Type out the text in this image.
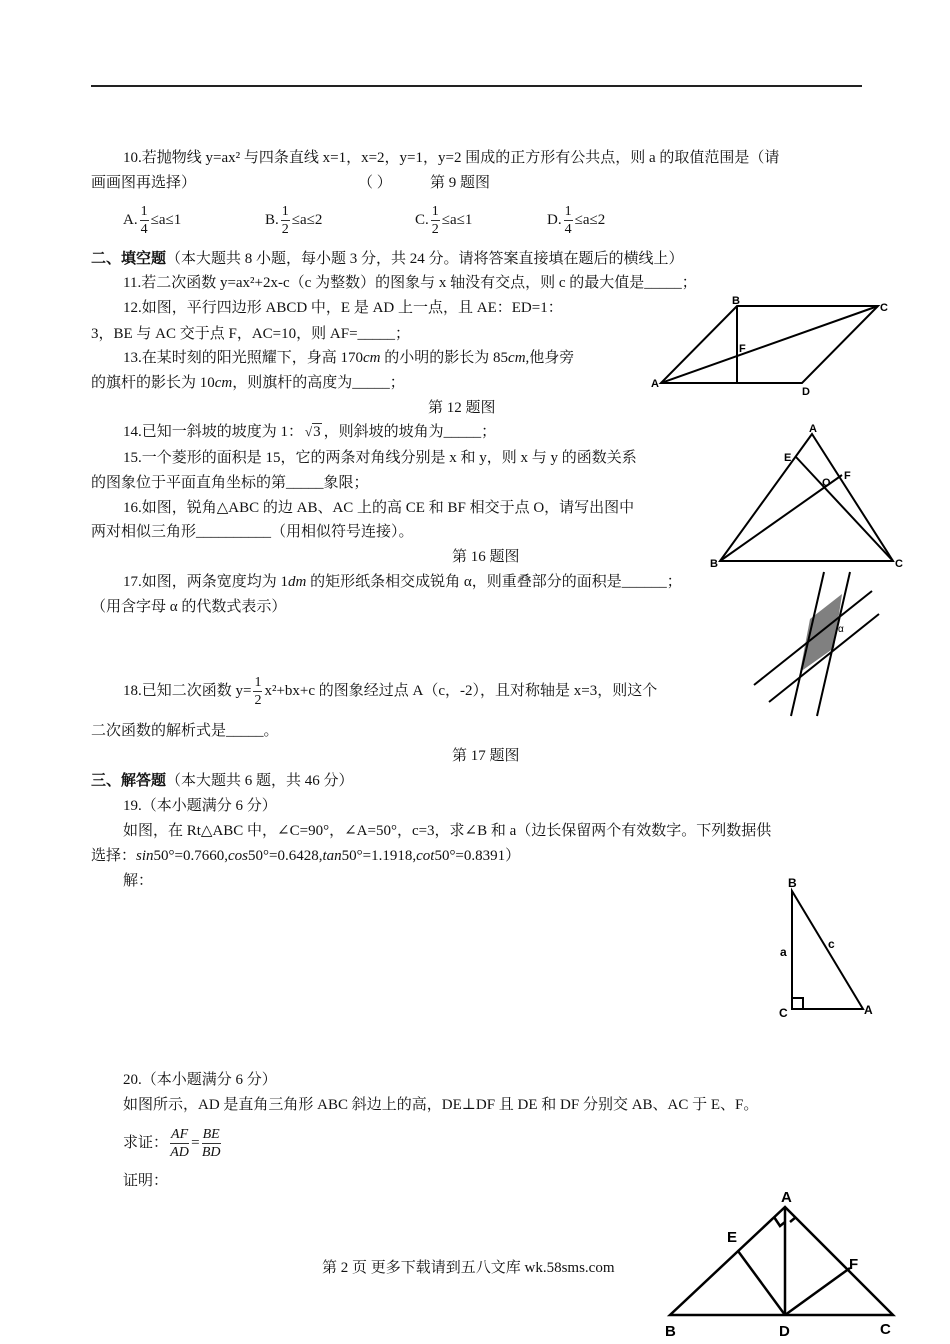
10.若抛物线 y=ax² 与四条直线 x=1，x=2，y=1，y=2 围成的正方形有公共点，则 a 的取值范围是（请
画画图再选择）	（ ）	第 9 题图
A. $\frac{1}{4} \le a\le 1$	B. $\frac{1}{2} \le a\le 2$	C. $\frac{1}{2} \le a\le 1$	D. $\frac{1}{4} \le a\le 2$
二、填空题（本大题共 8 小题，每小题 3 分，共 24 分。请将答案直接填在题后的横线上）
11.若二次函数 y=ax²+2x-c（c 为整数）的图象与 x 轴没有交点，则 c 的最大值是_____；
12.如图，平行四边形 ABCD 中，E 是 AD 上一点，且 AE：ED=1：
3，BE 与 AC 交于点 F，AC=10，则 AF=_____；
13.在某时刻的阳光照耀下，身高 170cm 的小明的影长为 85cm,他身旁
的旗杆的影长为 10cm，则旗杆的高度为_____；
第 12 题图
14.已知一斜坡的坡度为 1： √3 ，则斜坡的坡角为_____；
15.一个菱形的面积是 15，它的两条对角线分别是 x 和 y，则 x 与 y 的函数关系
的图象位于平面直角坐标的第_____象限；
16.如图，锐角△ABC 的边 AB、AC 上的高 CE 和 BF 相交于点 O，请写出图中
两对相似三角形__________（用相似符号连接）。
第 16 题图
17.如图，两条宽度均为 1dm 的矩形纸条相交成锐角 α，则重叠部分的面积是______；
（用含字母 α 的代数式表示）
18.已知二次函数 $y= \frac{1}{2} x^2+bx+c$ 的图象经过点 A（c，-2），且对称轴是 x=3，则这个
二次函数的解析式是_____。
第 17 题图
三、解答题（本大题共 6 题，共 46 分）
19.（本小题满分 6 分）
如图，在 Rt△ABC 中，∠C=90°，∠A=50°，c=3，求∠B 和 a（边长保留两个有效数字。下列数据供
选择：sin50°=0.7660,cos50°=0.6428,tan50°=1.1918,cot50°=0.8391）
解：
20.（本小题满分 6 分）
如图所示，AD 是直角三角形 ABC 斜边上的高，DE⊥DF 且 DE 和 DF 分别交 AB、AC 于 E、F。
求证： $\frac{AF}{AD} = \frac{BE}{BD}$
证明：
第 2 页 更多下载请到五八文库 wk.58sms.com
A
B
C
D
F
A
B	C
E
F
O
α
B
a
c
C	A
A
E
F
B	D	C
